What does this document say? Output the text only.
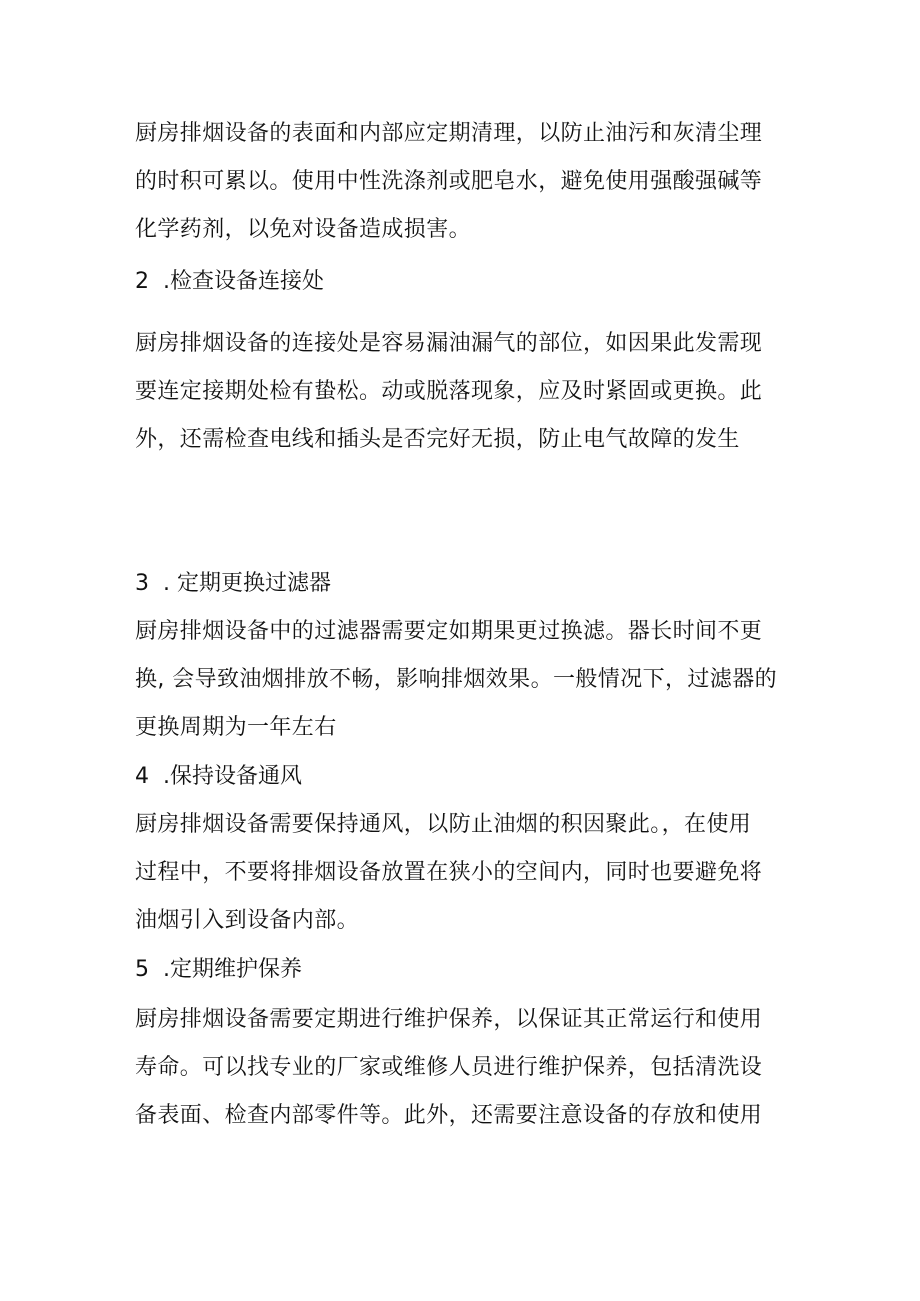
厨房排烟设备的表面和内部应定期清理，以防止油污和灰清尘理
的时积可累以。使用中性洗涤剂或肥皂水，避免使用强酸强碱等
化学药剂，以免对设备造成损害。
2 .检查设备连接处
厨房排烟设备的连接处是容易漏油漏气的部位，如因果此发需现
要连定接期处检有蛰松。动或脱落现象，应及时紧固或更换。此
外，还需检查电线和插头是否完好无损，防止电气故障的发生
3 . 定期更换过滤器
厨房排烟设备中的过滤器需要定如期果更过换滤。器长时间不更
换, 会导致油烟排放不畅，影响排烟效果。一般情况下，过滤器的
更换周期为一年左右
4 .保持设备通风
厨房排烟设备需要保持通风，以防止油烟的积因聚此。，在使用
过程中，不要将排烟设备放置在狭小的空间内，同时也要避免将
油烟引入到设备内部。
5 .定期维护保养
厨房排烟设备需要定期进行维护保养，以保证其正常运行和使用
寿命。可以找专业的厂家或维修人员进行维护保养，包括清洗设
备表面、检查内部零件等。此外，还需要注意设备的存放和使用
